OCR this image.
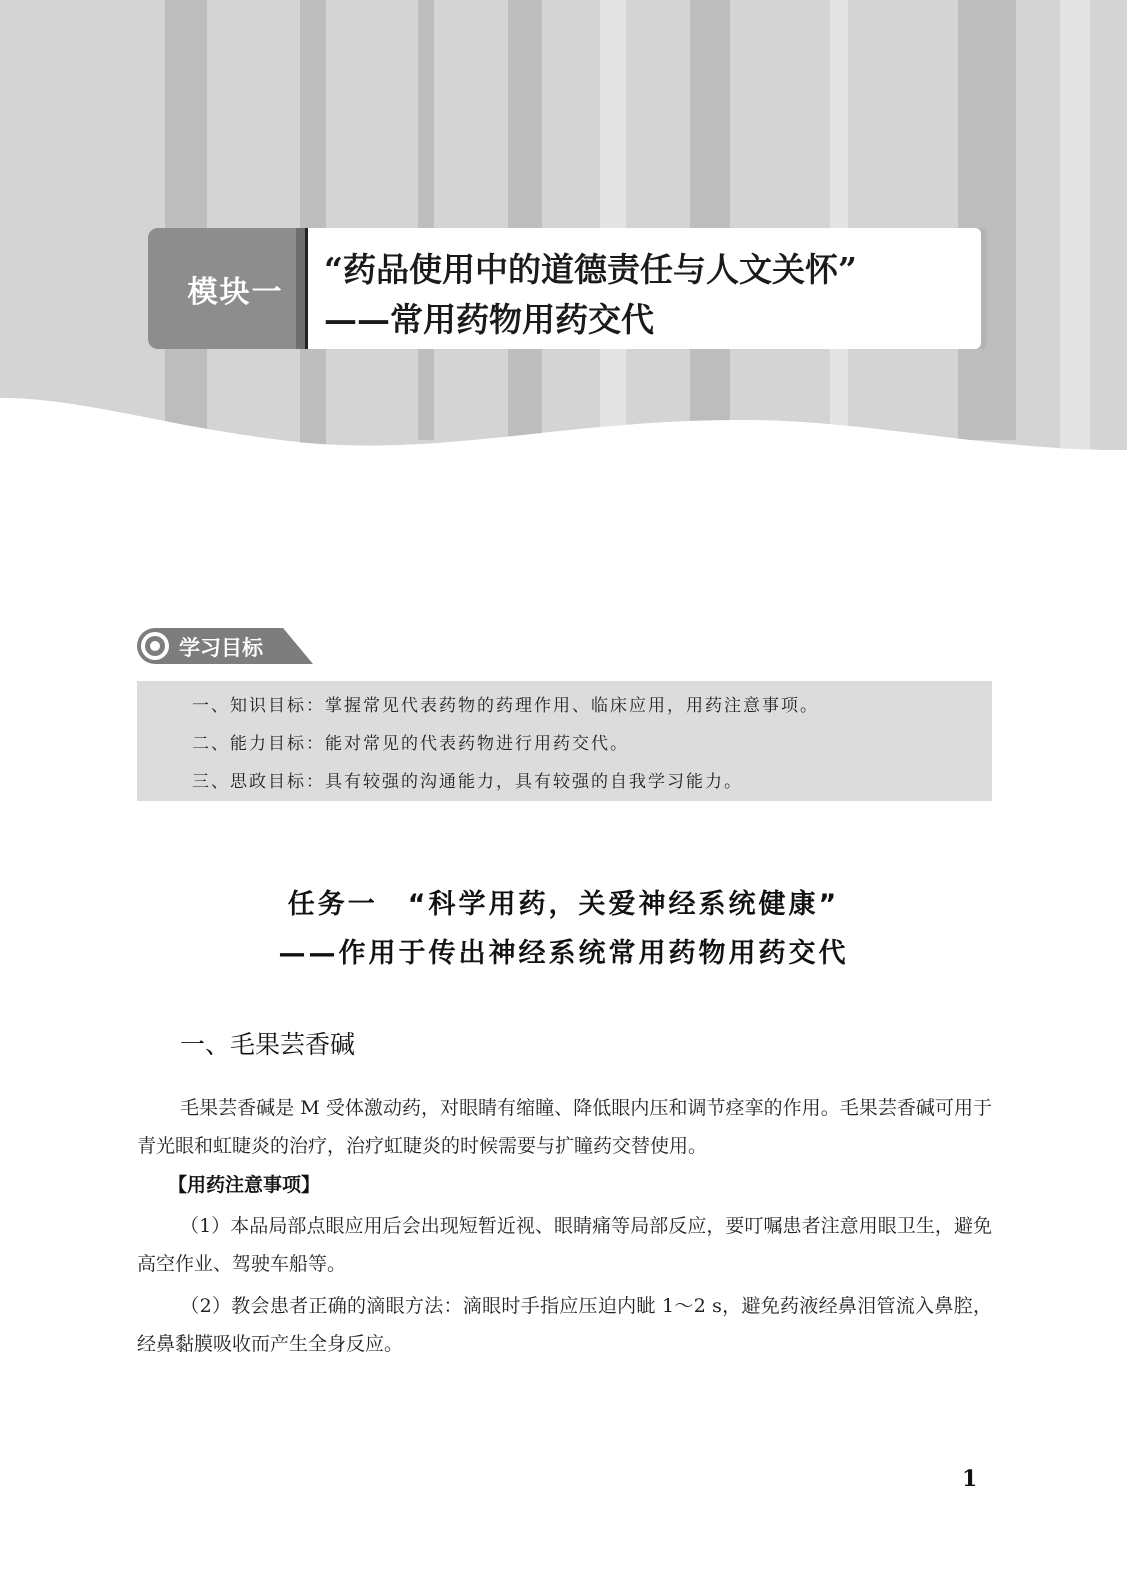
模块一
“药品使用中的道德责任与人文关怀”
——常用药物用药交代
学习目标
一、知识目标：掌握常见代表药物的药理作用、临床应用，用药注意事项。
二、能力目标：能对常见的代表药物进行用药交代。
三、思政目标：具有较强的沟通能力，具有较强的自我学习能力。
任务一　“科学用药，关爱神经系统健康”
——作用于传出神经系统常用药物用药交代
一、毛果芸香碱
毛果芸香碱是 M 受体激动药，对眼睛有缩瞳、降低眼内压和调节痉挛的作用。毛果芸香碱可用于青光眼和虹睫炎的治疗，治疗虹睫炎的时候需要与扩瞳药交替使用。
【用药注意事项】
（1）本品局部点眼应用后会出现短暂近视、眼睛痛等局部反应，要叮嘱患者注意用眼卫生，避免高空作业、驾驶车船等。
（2）教会患者正确的滴眼方法：滴眼时手指应压迫内眦 1～2 s，避免药液经鼻泪管流入鼻腔，经鼻黏膜吸收而产生全身反应。
1
